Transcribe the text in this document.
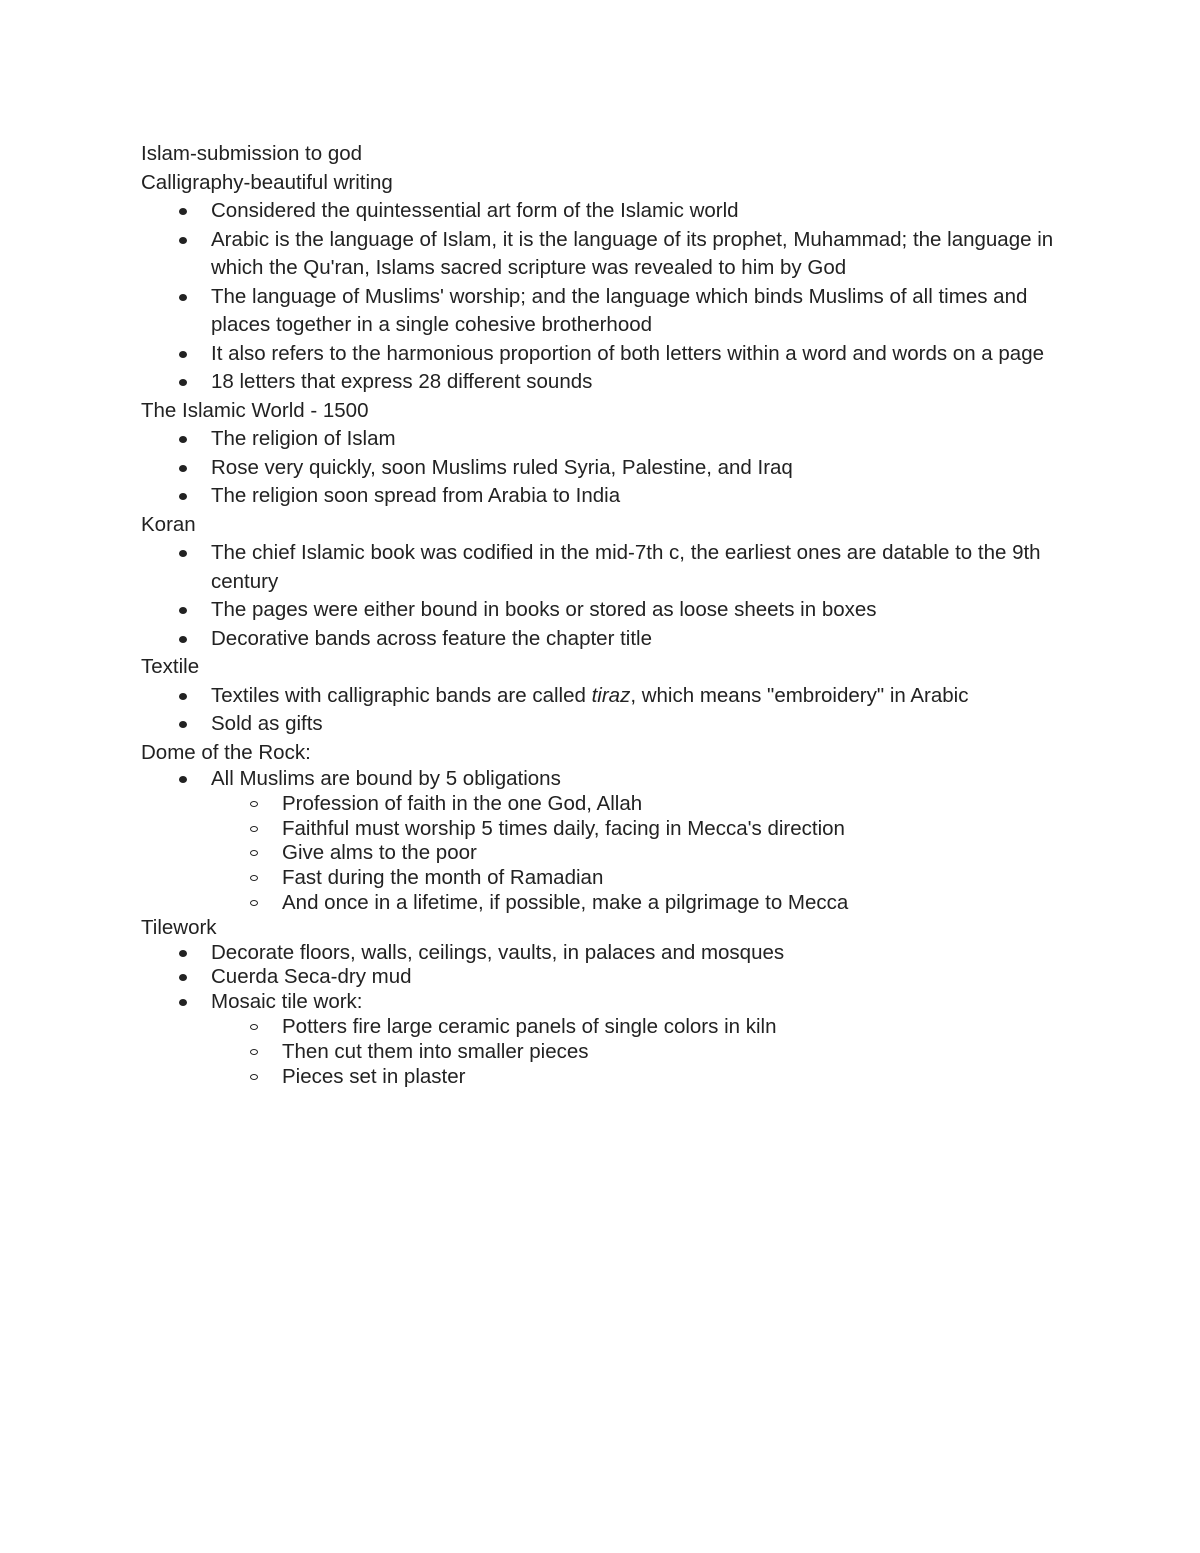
Islam-submission to god

Calligraphy-beautiful writing

Considered the quintessential art form of the Islamic world

Arabic is the language of Islam, it is the language of its prophet, Muhammad; the language in which the Qu'ran, Islams sacred scripture was revealed to him by God

The language of Muslims' worship; and the language which binds Muslims of all times and places together in a single cohesive brotherhood

It also refers to the harmonious proportion of both letters within a word and words on a page

18 letters that express 28 different sounds

The Islamic World - 1500

The religion of Islam

Rose very quickly, soon Muslims ruled Syria, Palestine, and Iraq

The religion soon spread from Arabia to India

Koran

The chief Islamic book was codified in the mid-7th c, the earliest ones are datable to the 9th century

The pages were either bound in books or stored as loose sheets in boxes

Decorative bands across feature the chapter title

Textile

Textiles with calligraphic bands are called tiraz, which means "embroidery" in Arabic

Sold as gifts

Dome of the Rock:

All Muslims are bound by 5 obligations

Profession of faith in the one God, Allah

Faithful must worship 5 times daily, facing in Mecca's direction

Give alms to the poor

Fast during the month of Ramadian

And once in a lifetime, if possible, make a pilgrimage to Mecca

Tilework

Decorate floors, walls, ceilings, vaults, in palaces and mosques

Cuerda Seca-dry mud

Mosaic tile work:

Potters fire large ceramic panels of single colors in kiln

Then cut them into smaller pieces

Pieces set in plaster
